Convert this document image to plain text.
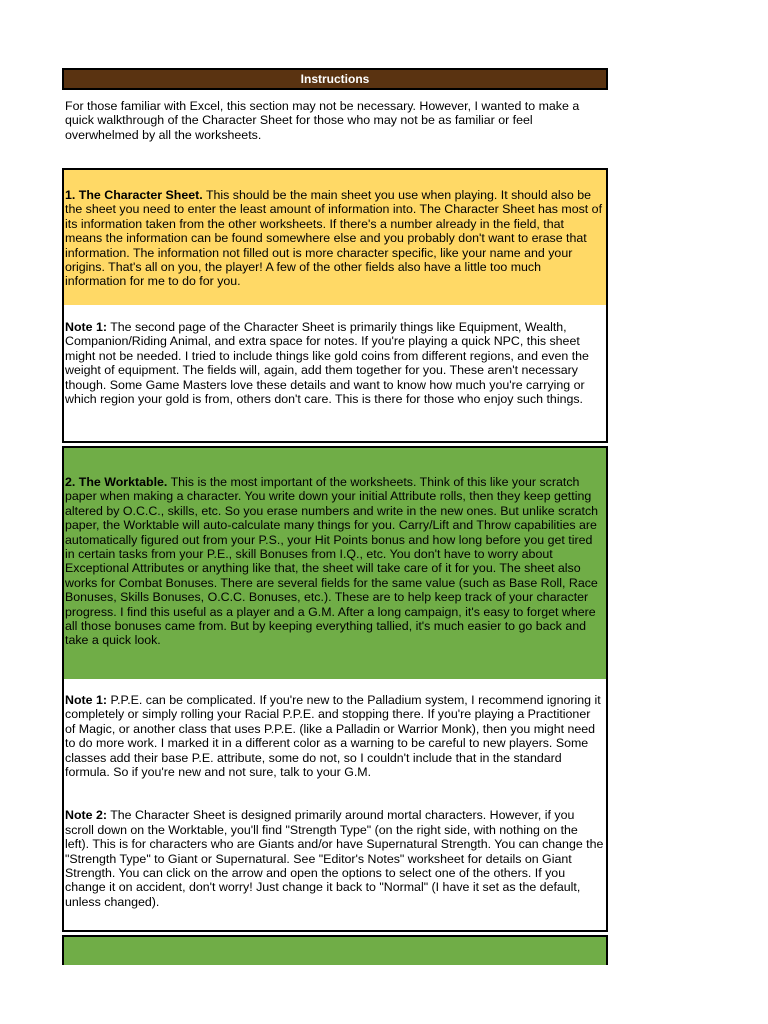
Instructions
For those familiar with Excel, this section may not be necessary. However, I wanted to make a quick walkthrough of the Character Sheet for those who may not be as familiar or feel overwhelmed by all the worksheets.

1. The Character Sheet. This should be the main sheet you use when playing. It should also be the sheet you need to enter the least amount of information into. The Character Sheet has most of its information taken from the other worksheets. If there's a number already in the field, that means the information can be found somewhere else and you probably don't want to erase that information. The information not filled out is more character specific, like your name and your origins. That's all on you, the player! A few of the other fields also have a little too much information for me to do for you.

Note 1: The second page of the Character Sheet is primarily things like Equipment, Wealth, Companion/Riding Animal, and extra space for notes. If you're playing a quick NPC, this sheet might not be needed. I tried to include things like gold coins from different regions, and even the weight of equipment. The fields will, again, add them together for you. These aren't necessary though. Some Game Masters love these details and want to know how much you're carrying or which region your gold is from, others don't care. This is there for those who enjoy such things.

2. The Worktable. This is the most important of the worksheets. Think of this like your scratch paper when making a character. You write down your initial Attribute rolls, then they keep getting altered by O.C.C., skills, etc. So you erase numbers and write in the new ones. But unlike scratch paper, the Worktable will auto-calculate many things for you. Carry/Lift and Throw capabilities are automatically figured out from your P.S., your Hit Points bonus and how long before you get tired in certain tasks from your P.E., skill Bonuses from I.Q., etc. You don't have to worry about Exceptional Attributes or anything like that, the sheet will take care of it for you. The sheet also works for Combat Bonuses. There are several fields for the same value (such as Base Roll, Race Bonuses, Skills Bonuses, O.C.C. Bonuses, etc.). These are to help keep track of your character progress. I find this useful as a player and a G.M. After a long campaign, it's easy to forget where all those bonuses came from. But by keeping everything tallied, it's much easier to go back and take a quick look.

Note 1: P.P.E. can be complicated. If you're new to the Palladium system, I recommend ignoring it completely or simply rolling your Racial P.P.E. and stopping there. If you're playing a Practitioner of Magic, or another class that uses P.P.E. (like a Palladin or Warrior Monk), then you might need to do more work. I marked it in a different color as a warning to be careful to new players. Some classes add their base P.E. attribute, some do not, so I couldn't include that in the standard formula. So if you're new and not sure, talk to your G.M.

Note 2: The Character Sheet is designed primarily around mortal characters. However, if you scroll down on the Worktable, you'll find "Strength Type" (on the right side, with nothing on the left). This is for characters who are Giants and/or have Supernatural Strength. You can change the "Strength Type" to Giant or Supernatural. See "Editor's Notes" worksheet for details on Giant Strength. You can click on the arrow and open the options to select one of the others. If you change it on accident, don't worry! Just change it back to "Normal" (I have it set as the default, unless changed).
